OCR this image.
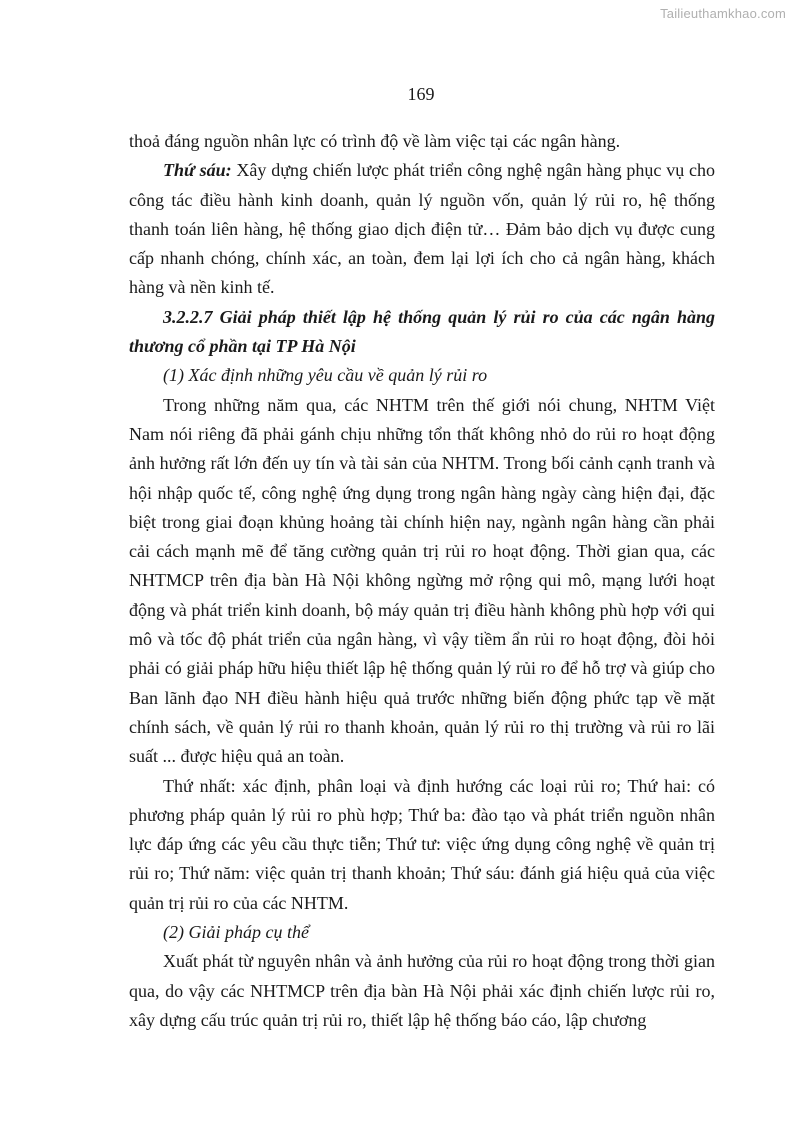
Tailieuthamkhao.com
169

thoả đáng nguồn nhân lực có trình độ về làm việc tại các ngân hàng.

Thứ sáu: Xây dựng chiến lược phát triển công nghệ ngân hàng phục vụ cho công tác điều hành kinh doanh, quản lý nguồn vốn, quản lý rủi ro, hệ thống thanh toán liên hàng, hệ thống giao dịch điện tử… Đảm bảo dịch vụ được cung cấp nhanh chóng, chính xác, an toàn, đem lại lợi ích cho cả ngân hàng, khách hàng và nền kinh tế.

3.2.2.7 Giải pháp thiết lập hệ thống quản lý rủi ro của các ngân hàng thương cổ phần tại TP Hà Nội

(1) Xác định những yêu cầu về quản lý rủi ro

Trong những năm qua, các NHTM trên thế giới nói chung, NHTM Việt Nam nói riêng đã phải gánh chịu những tổn thất không nhỏ do rủi ro hoạt động ảnh hưởng rất lớn đến uy tín và tài sản của NHTM. Trong bối cảnh cạnh tranh và hội nhập quốc tế, công nghệ ứng dụng trong ngân hàng ngày càng hiện đại, đặc biệt trong giai đoạn khủng hoảng tài chính hiện nay, ngành ngân hàng cần phải cải cách mạnh mẽ để tăng cường quản trị rủi ro hoạt động. Thời gian qua, các NHTMCP trên địa bàn Hà Nội không ngừng mở rộng qui mô, mạng lưới hoạt động và phát triển kinh doanh, bộ máy quản trị điều hành không phù hợp với qui mô và tốc độ phát triển của ngân hàng, vì vậy tiềm ẩn rủi ro hoạt động, đòi hỏi phải có giải pháp hữu hiệu thiết lập hệ thống quản lý rủi ro để hỗ trợ và giúp cho Ban lãnh đạo NH điều hành hiệu quả trước những biến động phức tạp về mặt chính sách, về quản lý rủi ro thanh khoản, quản lý rủi ro thị trường và rủi ro lãi suất ... được hiệu quả an toàn.

Thứ nhất: xác định, phân loại và định hướng các loại rủi ro; Thứ hai: có phương pháp quản lý rủi ro phù hợp; Thứ ba: đào tạo và phát triển nguồn nhân lực đáp ứng các yêu cầu thực tiễn; Thứ tư: việc ứng dụng công nghệ về quản trị rủi ro; Thứ năm: việc quản trị thanh khoản; Thứ sáu: đánh giá hiệu quả của việc quản trị rủi ro của các NHTM.

(2) Giải pháp cụ thể

Xuất phát từ nguyên nhân và ảnh hưởng của rủi ro hoạt động trong thời gian qua, do vậy các NHTMCP trên địa bàn Hà Nội phải xác định chiến lược rủi ro, xây dựng cấu trúc quản trị rủi ro, thiết lập hệ thống báo cáo, lập chương
